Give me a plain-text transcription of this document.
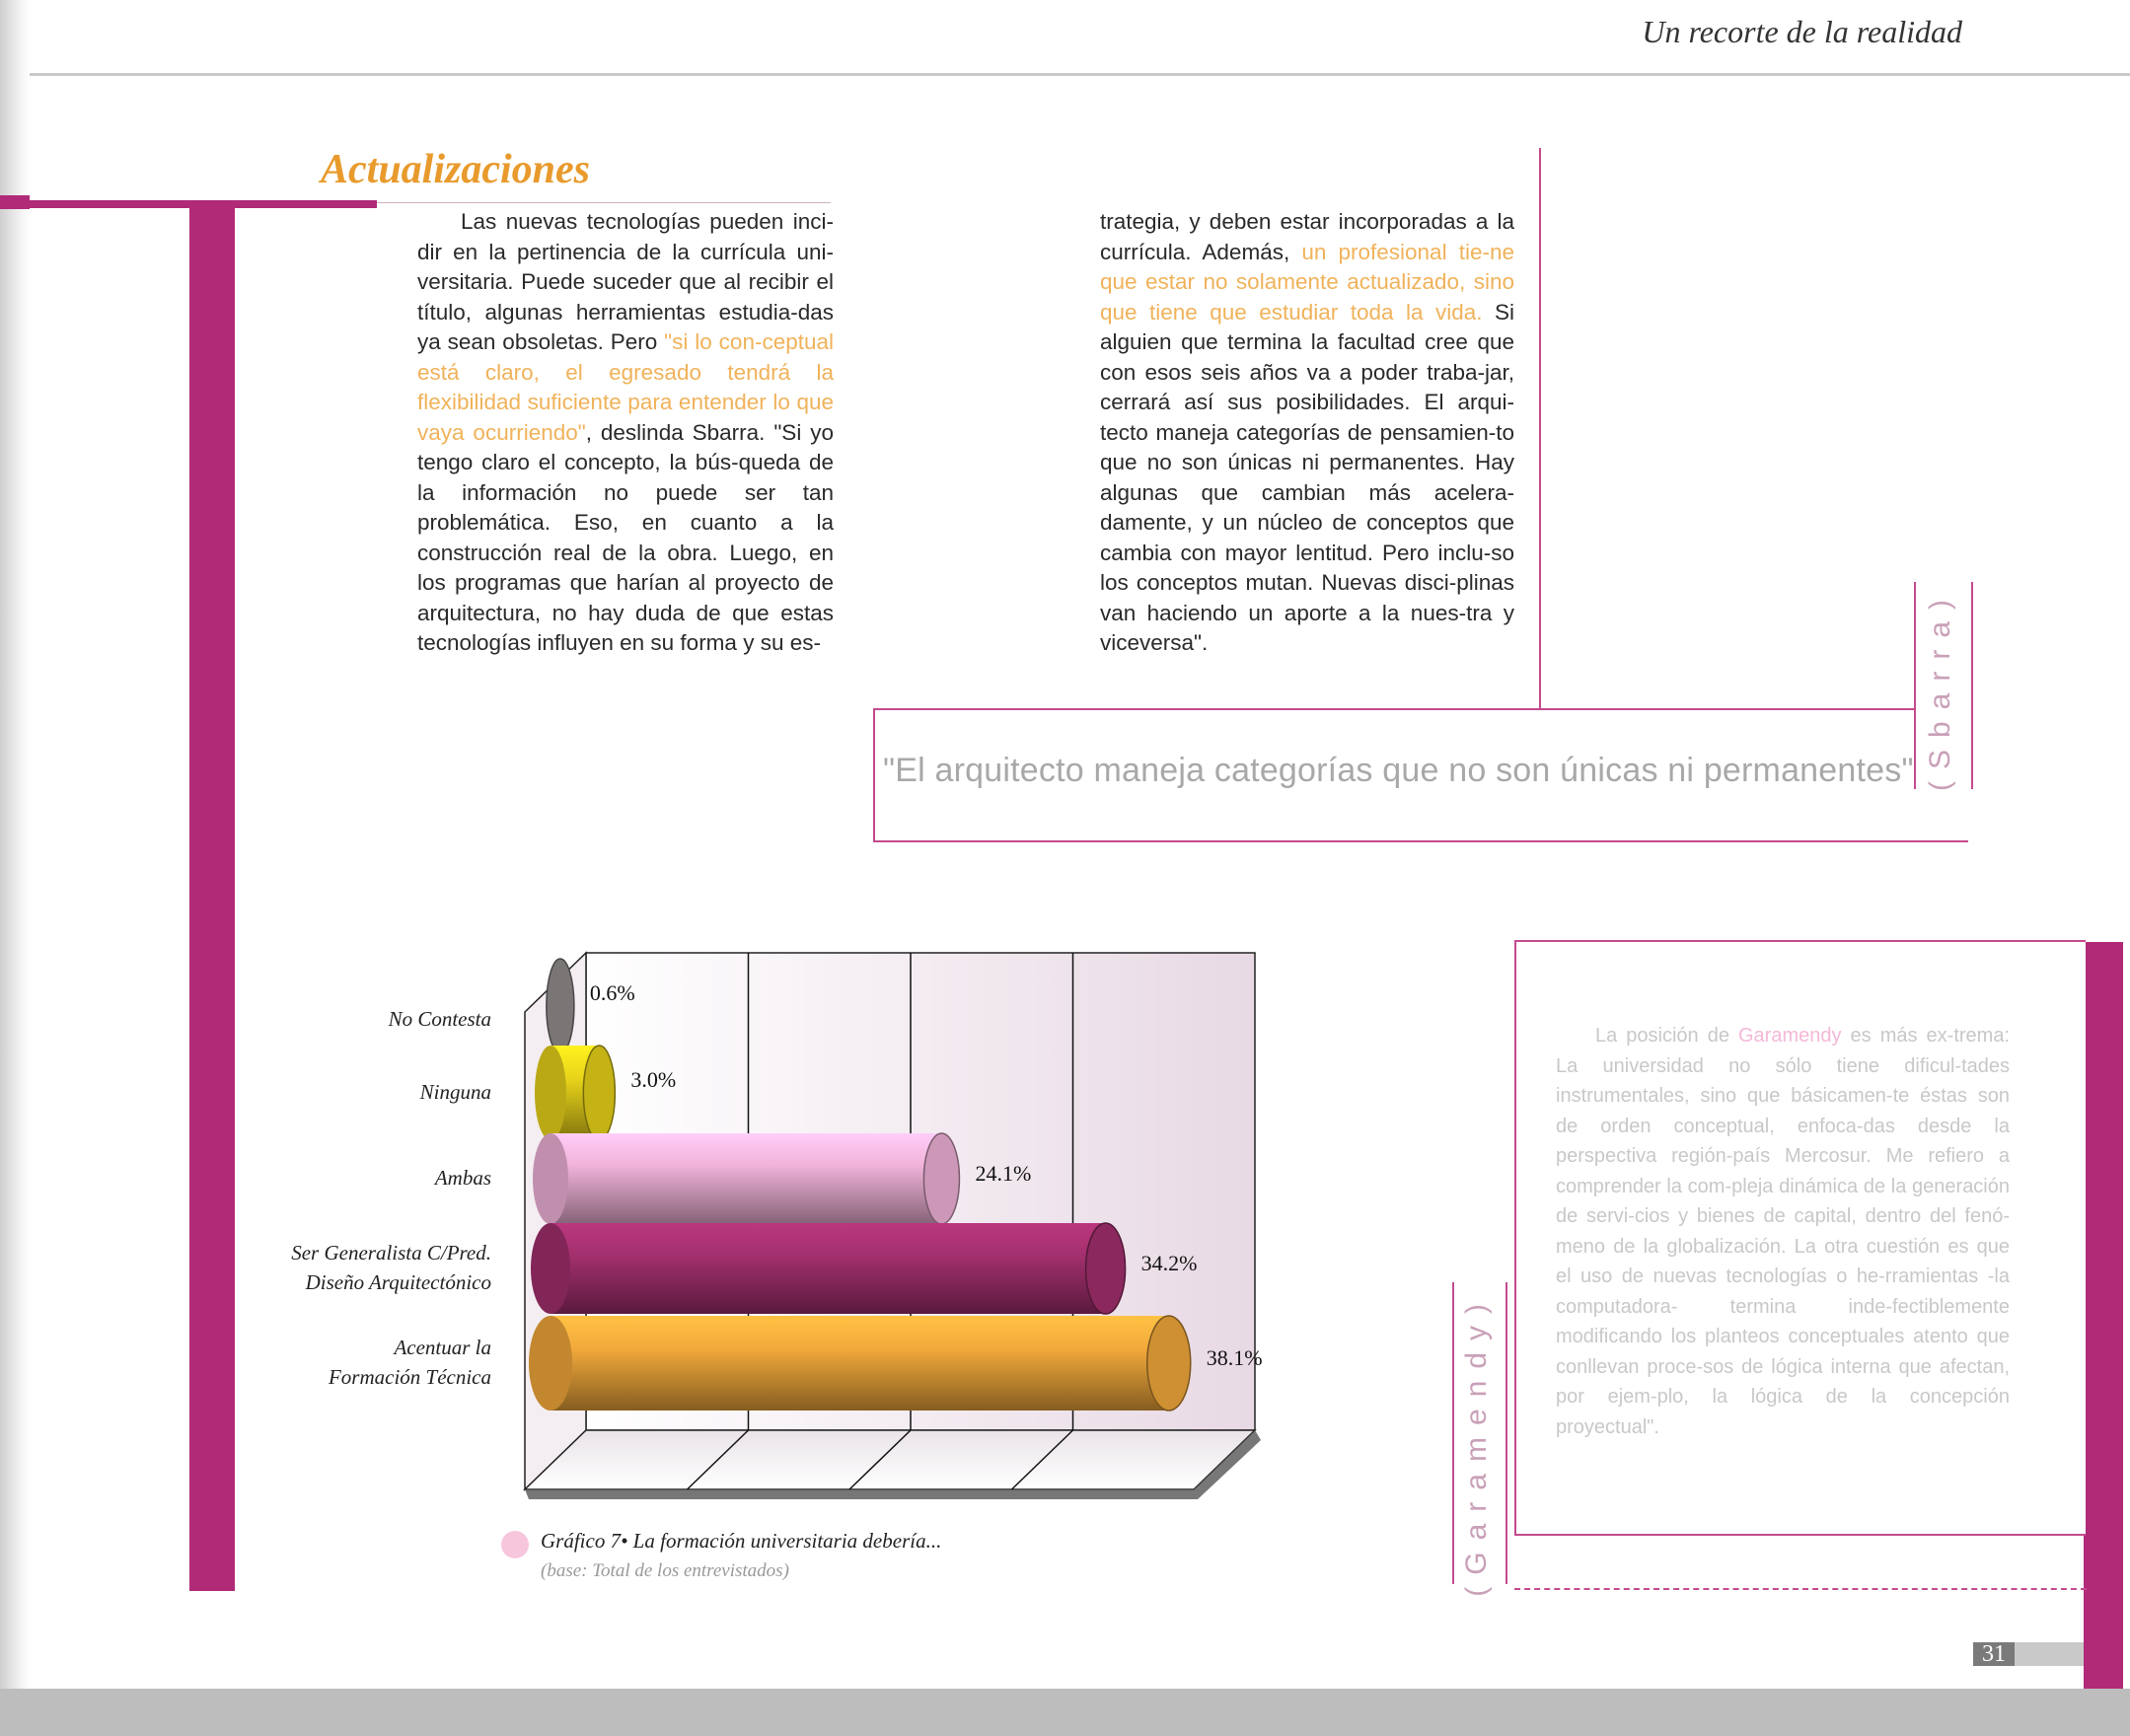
Un recorte de la realidad
Actualizaciones

Las nuevas tecnologías pueden inci-dir en la pertinencia de la currícula uni-versitaria. Puede suceder que al recibir el título, algunas herramientas estudia-das ya sean obsoletas. Pero "si lo con-ceptual está claro, el egresado tendrá la flexibilidad suficiente para entender lo que vaya ocurriendo", deslinda Sbarra. "Si yo tengo claro el concepto, la bús-queda de la información no puede ser tan problemática. Eso, en cuanto a la construcción real de la obra. Luego, en los programas que harían al proyecto de arquitectura, no hay duda de que estas tecnologías influyen en su forma y su es-

trategia, y deben estar incorporadas a la currícula. Además, un profesional tie-ne que estar no solamente actualizado, sino que tiene que estudiar toda la vida. Si alguien que termina la facultad cree que con esos seis años va a poder traba-jar, cerrará así sus posibilidades. El arqui-tecto maneja categorías de pensamien-to que no son únicas ni permanentes. Hay algunas que cambian más acelera-damente, y un núcleo de conceptos que cambia con mayor lentitud. Pero inclu-so los conceptos mutan. Nuevas disci-plinas van haciendo un aporte a la nues-tra y viceversa".

"El arquitecto maneja categorías que no son únicas ni permanentes" (Sbarra)
0.6%
No Contesta
3.0%
Ninguna
24.1%
Ambas
34.2%
Ser Generalista C/Pred.
Diseño Arquitectónico
38.1%
Acentuar la
Formación Técnica
Gráfico 7• La formación universitaria debería...
(base: Total de los entrevistados)
La posición de Garamendy es más ex-trema: La universidad no sólo tiene dificul-tades instrumentales, sino que básicamen-te éstas son de orden conceptual, enfoca-das desde la perspectiva región-país Mercosur. Me refiero a comprender la com-pleja dinámica de la generación de servi-cios y bienes de capital, dentro del fenó-meno de la globalización. La otra cuestión es que el uso de nuevas tecnologías o he-rramientas -la computadora- termina inde-fectiblemente modificando los planteos conceptuales atento que conllevan proce-sos de lógica interna que afectan, por ejem-plo, la lógica de la concepción proyectual".
(Garamendy)
31
